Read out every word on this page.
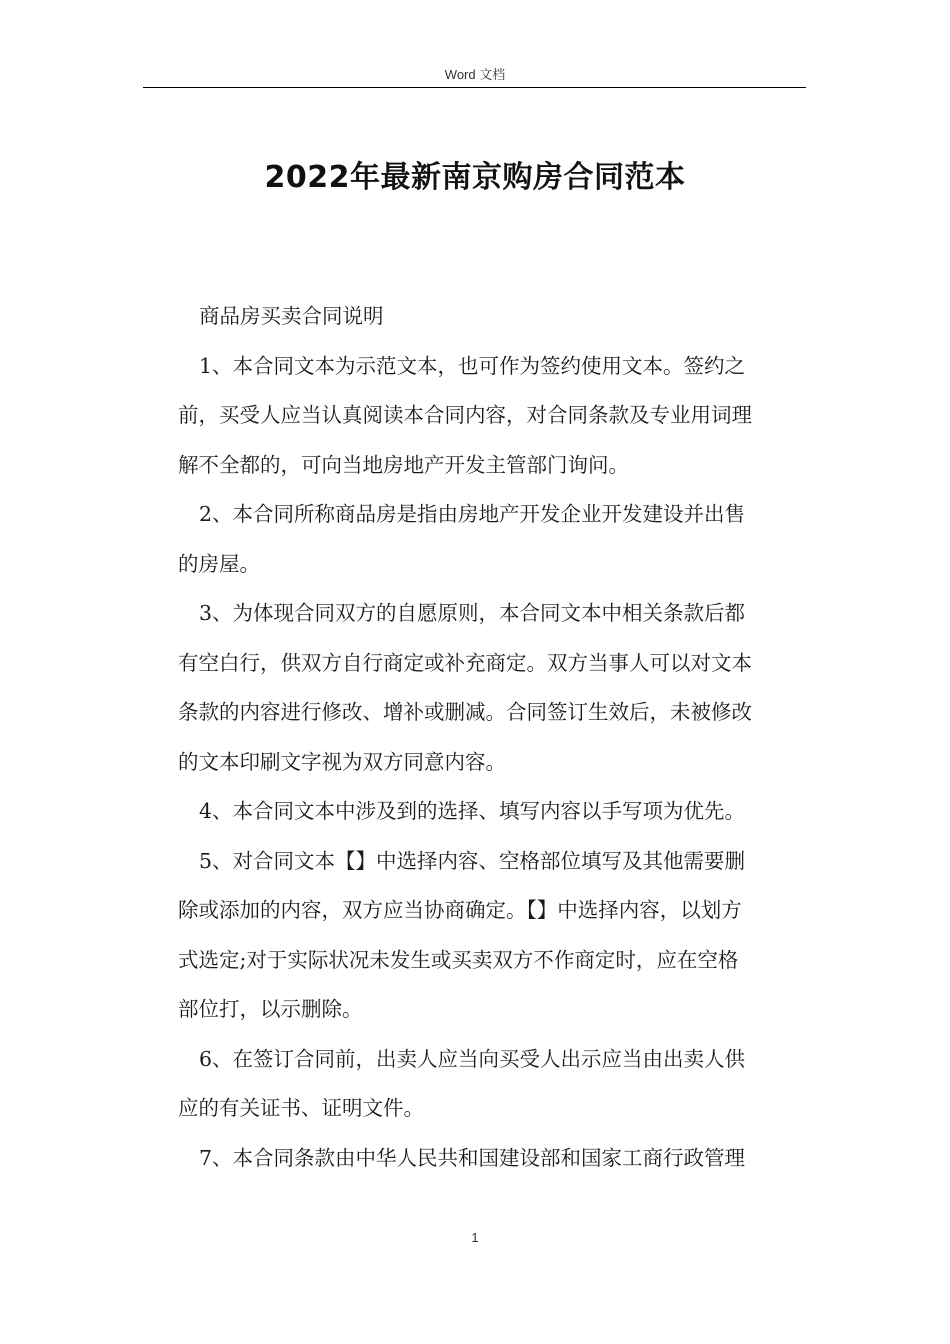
Word 文档
2022年最新南京购房合同范本

商品房买卖合同说明

1、本合同文本为示范文本，也可作为签约使用文本。签约之
前，买受人应当认真阅读本合同内容，对合同条款及专业用词理
解不全都的，可向当地房地产开发主管部门询问。

2、本合同所称商品房是指由房地产开发企业开发建设并出售
的房屋。

3、为体现合同双方的自愿原则，本合同文本中相关条款后都
有空白行，供双方自行商定或补充商定。双方当事人可以对文本
条款的内容进行修改、增补或删减。合同签订生效后，未被修改
的文本印刷文字视为双方同意内容。

4、本合同文本中涉及到的选择、填写内容以手写项为优先。

5、对合同文本【】中选择内容、空格部位填写及其他需要删
除或添加的内容，双方应当协商确定。【】中选择内容，以划方
式选定;对于实际状况未发生或买卖双方不作商定时，应在空格
部位打，以示删除。

6、在签订合同前，出卖人应当向买受人出示应当由出卖人供
应的有关证书、证明文件。

7、本合同条款由中华人民共和国建设部和国家工商行政管理

1
